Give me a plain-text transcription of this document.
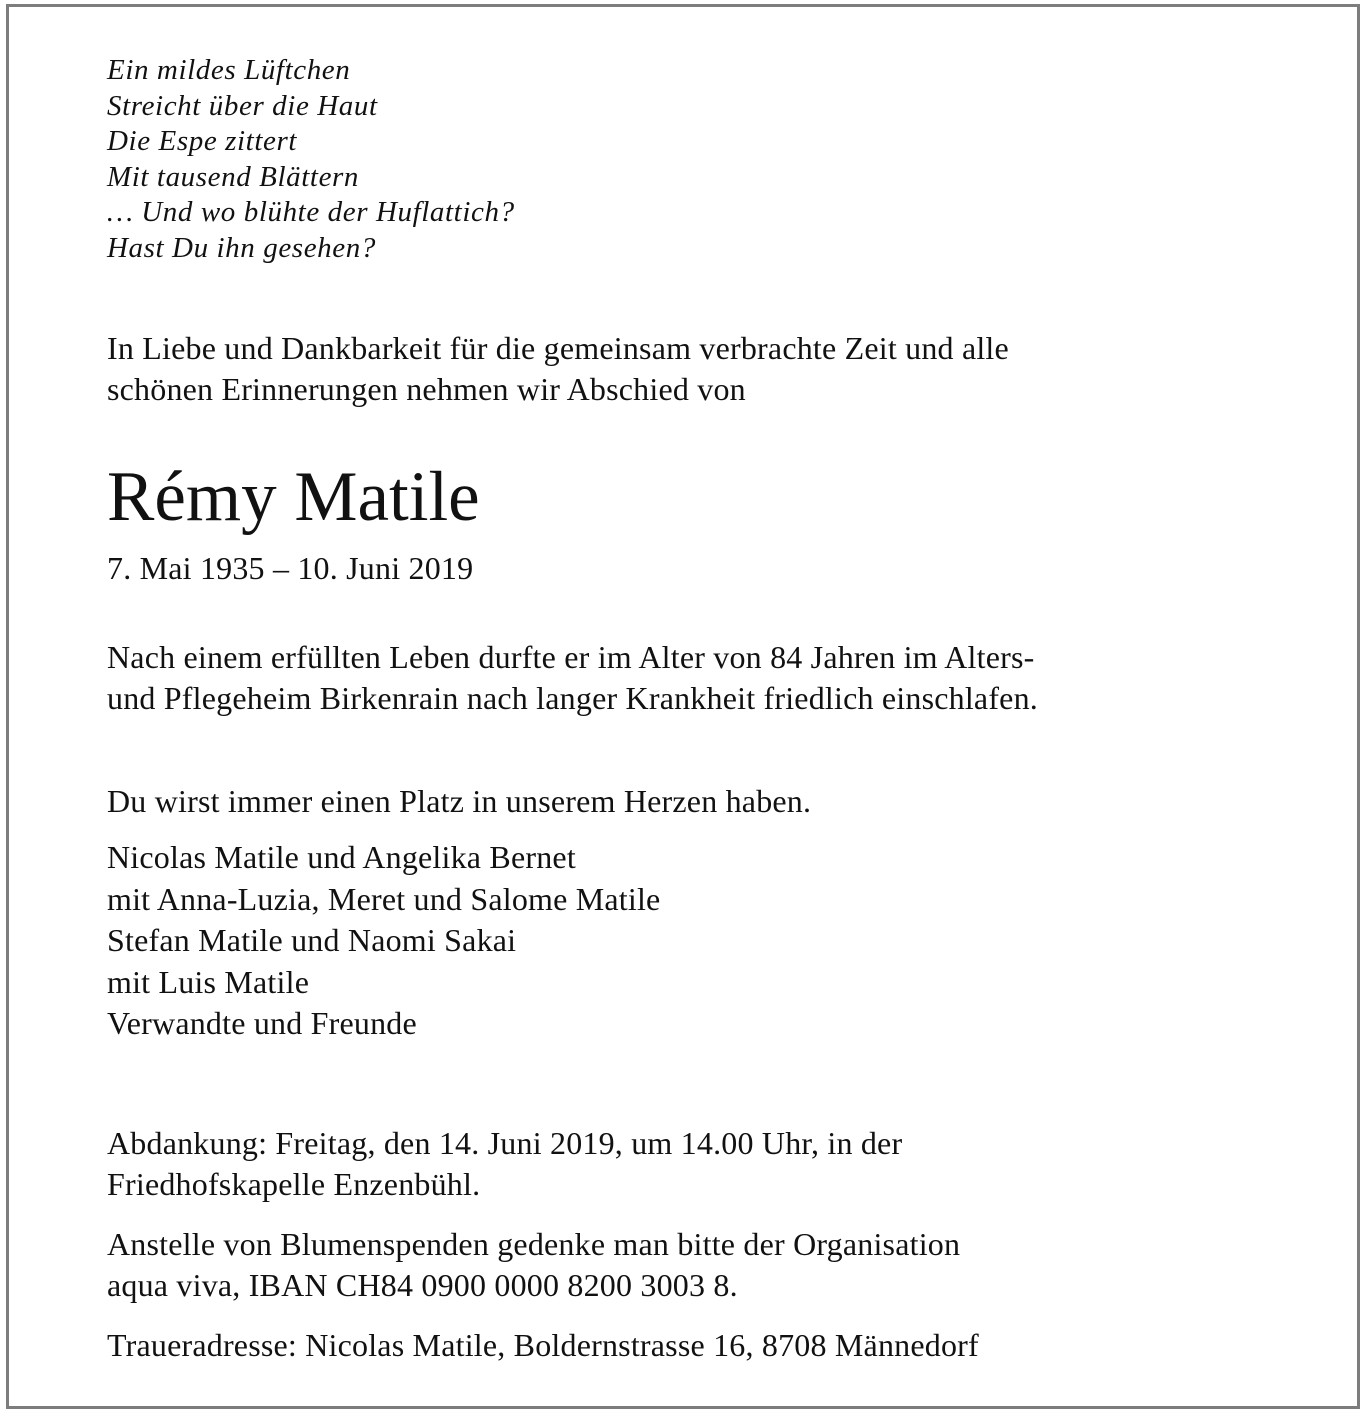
Ein mildes Lüftchen
Streicht über die Haut
Die Espe zittert
Mit tausend Blättern
… Und wo blühte der Huflattich?
Hast Du ihn gesehen?
In Liebe und Dankbarkeit für die gemeinsam verbrachte Zeit und alle
schönen Erinnerungen nehmen wir Abschied von
Rémy Matile
7. Mai 1935 – 10. Juni 2019
Nach einem erfüllten Leben durfte er im Alter von 84 Jahren im Alters-
und Pflegeheim Birkenrain nach langer Krankheit friedlich einschlafen.
Du wirst immer einen Platz in unserem Herzen haben.
Nicolas Matile und Angelika Bernet
mit Anna-Luzia, Meret und Salome Matile
Stefan Matile und Naomi Sakai
mit Luis Matile
Verwandte und Freunde
Abdankung: Freitag, den 14. Juni 2019, um 14.00 Uhr, in der
Friedhofskapelle Enzenbühl.
Anstelle von Blumenspenden gedenke man bitte der Organisation
aqua viva, IBAN CH84 0900 0000 8200 3003 8.
Traueradresse: Nicolas Matile, Boldernstrasse 16, 8708 Männedorf
